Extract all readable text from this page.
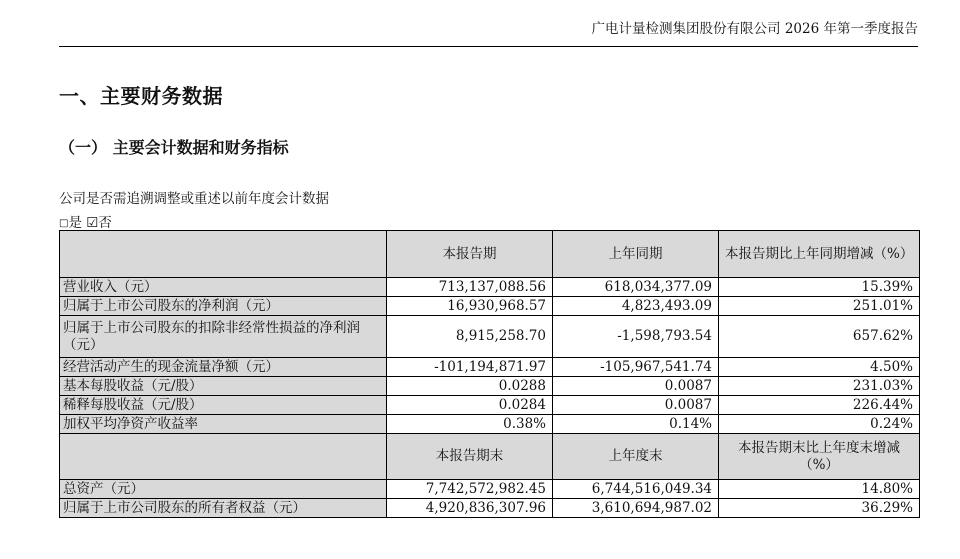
广电计量检测集团股份有限公司 2026 年第一季度报告
一、主要财务数据
（一） 主要会计数据和财务指标
公司是否需追溯调整或重述以前年度会计数据
□是 ☑否
	本报告期	上年同期	本报告期比上年同期增减（%）
营业收入（元）	713,137,088.56	618,034,377.09	15.39%
归属于上市公司股东的净利润（元）	16,930,968.57	4,823,493.09	251.01%
归属于上市公司股东的扣除非经常性损益的净利润（元）	8,915,258.70	-1,598,793.54	657.62%
经营活动产生的现金流量净额（元）	-101,194,871.97	-105,967,541.74	4.50%
基本每股收益（元/股）	0.0288	0.0087	231.03%
稀释每股收益（元/股）	0.0284	0.0087	226.44%
加权平均净资产收益率	0.38%	0.14%	0.24%
	本报告期末	上年度末	本报告期末比上年度末增减（%）
总资产（元）	7,742,572,982.45	6,744,516,049.34	14.80%
归属于上市公司股东的所有者权益（元）	4,920,836,307.96	3,610,694,987.02	36.29%
